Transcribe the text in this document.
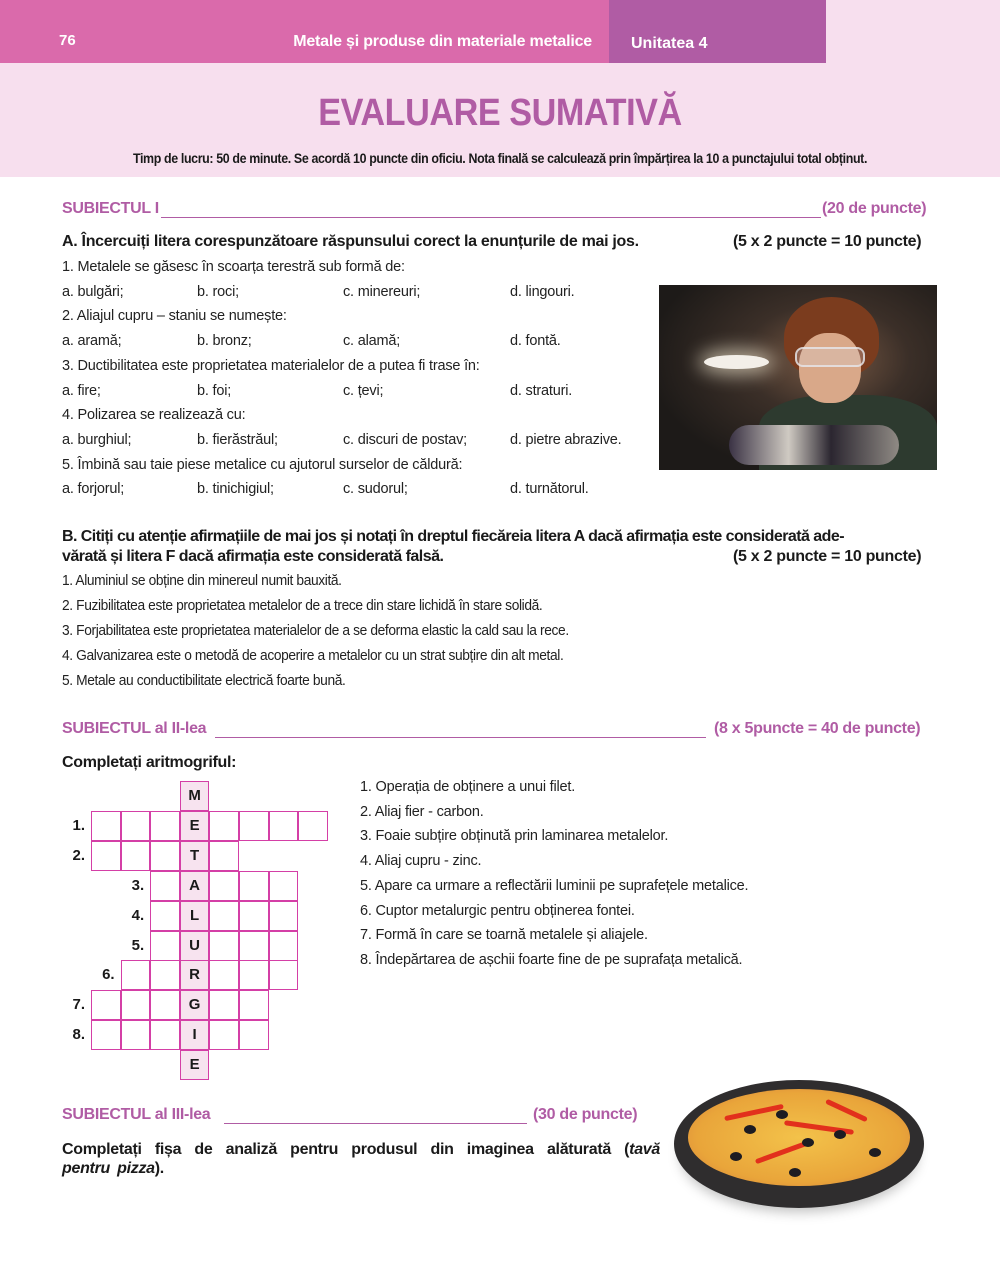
76	Metale și produse din materiale metalice Unitatea 4
EVALUARE SUMATIVĂ
Timp de lucru: 50 de minute. Se acordă 10 puncte din oficiu. Nota finală se calculează prin împărțirea la 10 a punctajului total obținut.
SUBIECTUL I	(20 de puncte)
A. Încercuiți litera corespunzătoare răspunsului corect la enunțurile de mai jos.	(5 x 2 puncte = 10 puncte)
1. Metalele se găsesc în scoarța terestră sub formă de:
a. bulgări;	b. roci;	c. minereuri;	d. lingouri.
2. Aliajul cupru – staniu se numește:
a. aramă;	b. bronz;	c. alamă;	d. fontă.
3. Ductibilitatea este proprietatea materialelor de a putea fi trase în:
a. fire;	b. foi;	c. țevi;	d. straturi.
4. Polizarea se realizează cu:
a. burghiul;	b. fierăstrăul;	c. discuri de postav;	d. pietre abrazive.
5. Îmbină sau taie piese metalice cu ajutorul surselor de căldură:
a. forjorul;	b. tinichigiul;	c. sudorul;	d. turnătorul.
B. Citiți cu atenție afirmațiile de mai jos și notați în dreptul fiecăreia litera A dacă afirmația este considerată ade-
vărată și litera F dacă afirmația este considerată falsă.	(5 x 2 puncte = 10 puncte)
1. Aluminiul se obține din minereul numit bauxită.
2. Fuzibilitatea este proprietatea metalelor de a trece din stare lichidă în stare solidă.
3. Forjabilitatea este proprietatea materialelor de a se deforma elastic la cald sau la rece.
4. Galvanizarea este o metodă de acoperire a metalelor cu un strat subțire din alt metal.
5. Metale au conductibilitate electrică foarte bună.
SUBIECTUL al II-lea	(8 x 5puncte = 40 de puncte)
Completați aritmogriful:
M
E
1.
T
2.
A
3.
L
4.
U
5.
R
6.
G
7.
I
8.
E
1. Operația de obținere a unui filet.
2. Aliaj fier - carbon.
3. Foaie subțire obținută prin laminarea metalelor.
4. Aliaj cupru - zinc.
5. Apare ca urmare a reflectării luminii pe suprafețele metalice.
6. Cuptor metalurgic pentru obținerea fontei.
7. Formă în care se toarnă metalele și aliajele.
8. Îndepărtarea de așchii foarte fine de pe suprafața metalică.
SUBIECTUL al III-lea	(30 de puncte)
Completați fișa de analiză pentru produsul din imaginea alăturată (tavă pentru pizza).
